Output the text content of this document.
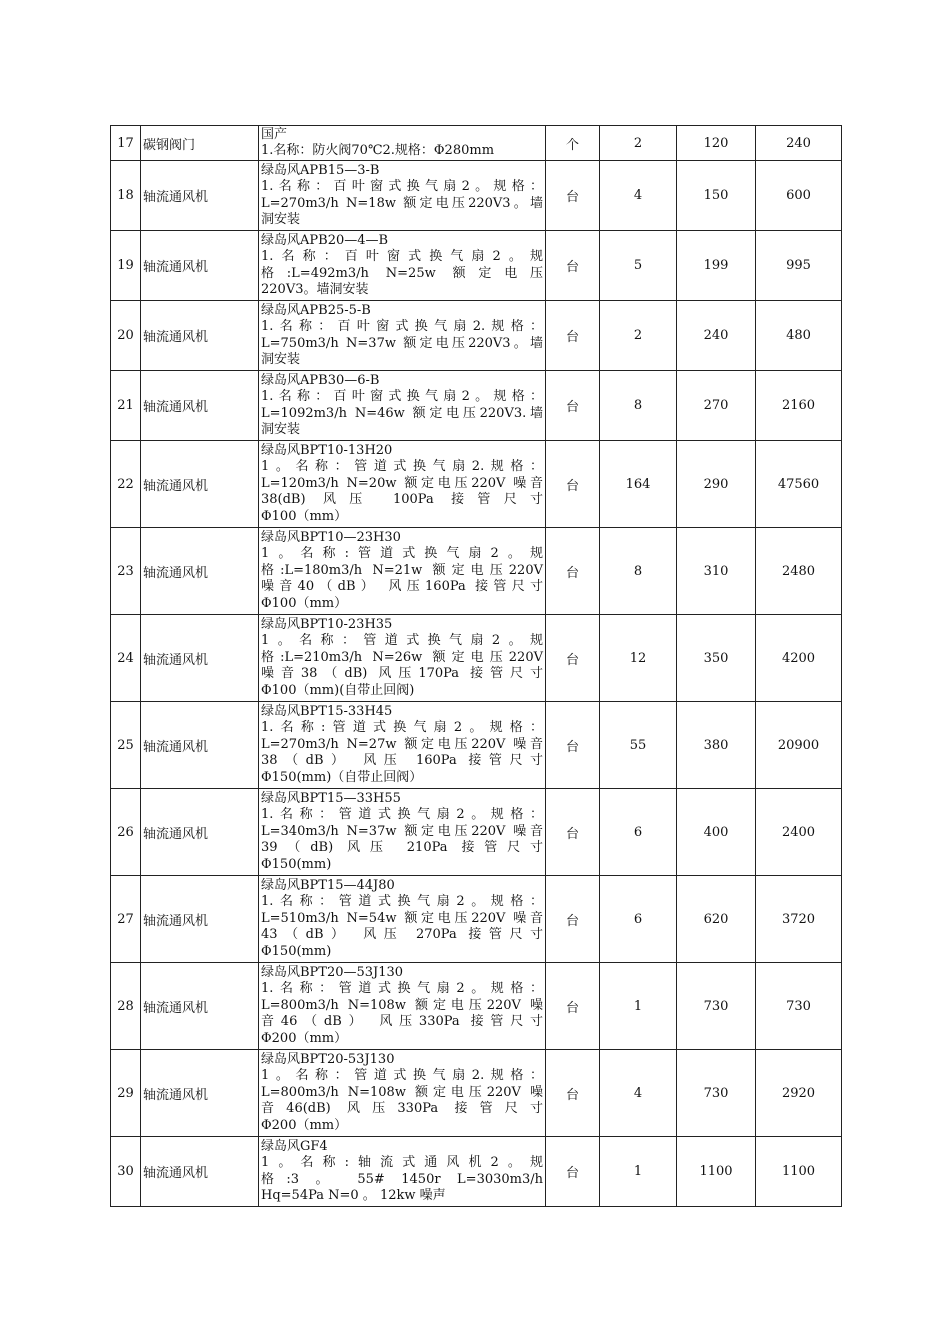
17	碳钢阀门	国产
1.名称：防火阀70℃2.规格：Φ280mm	个	2	120	240
18	轴流通风机	绿岛风APB15—3-B
1.名称：百叶窗式换气扇2。规格：
L=270m3/h N=18w 额定电压220V3。墙
洞安装	台	4	150	600
19	轴流通风机	绿岛风APB20—4—B
1.名称：百叶窗式换气扇2。规
格:L=492m3/h N=25w 额定电压
220V3。墙洞安装	台	5	199	995
20	轴流通风机	绿岛风APB25-5-B
1.名称：百叶窗式换气扇2.规格：
L=750m3/h N=37w 额定电压220V3。墙
洞安装	台	2	240	480
21	轴流通风机	绿岛风APB30—6-B
1.名称：百叶窗式换气扇2。规格：
L=1092m3/h N=46w 额定电压220V3.墙
洞安装	台	8	270	2160
22	轴流通风机	绿岛风BPT10-13H20
1。名称：管道式换气扇2.规格：
L=120m3/h N=20w 额定电压220V 噪音
38(dB) 风压 100Pa 接管尺寸
Φ100（mm）	台	164	290	47560
23	轴流通风机	绿岛风BPT10—23H30
1。名称:管道式换气扇2。规
格:L=180m3/h N=21w 额定电压220V
噪音40（dB） 风压160Pa 接管尺寸
Φ100（mm）	台	8	310	2480
24	轴流通风机	绿岛风BPT10-23H35
1。名称：管道式换气扇2。规
格:L=210m3/h N=26w 额定电压220V
噪音38（dB) 风压170Pa 接管尺寸
Φ100（mm)(自带止回阀)	台	12	350	4200
25	轴流通风机	绿岛风BPT15-33H45
1.名称:管道式换气扇2。规格：
L=270m3/h N=27w 额定电压220V 噪音
38（dB） 风压 160Pa 接管尺寸
Φ150(mm)（自带止回阀）	台	55	380	20900
26	轴流通风机	绿岛风BPT15—33H55
1.名称：管道式换气扇2。规格：
L=340m3/h N=37w 额定电压220V 噪音
39（dB) 风压 210Pa 接管尺寸
Φ150(mm)	台	6	400	2400
27	轴流通风机	绿岛风BPT15—44J80
1.名称：管道式换气扇2。规格：
L=510m3/h N=54w 额定电压220V 噪音
43（dB） 风压 270Pa 接管尺寸
Φ150(mm)	台	6	620	3720
28	轴流通风机	绿岛风BPT20—53J130
1.名称：管道式换气扇2。规格：
L=800m3/h N=108w 额定电压220V 噪
音46（dB） 风压330Pa 接管尺寸
Φ200（mm）	台	1	730	730
29	轴流通风机	绿岛风BPT20-53J130
1。名称：管道式换气扇2.规格：
L=800m3/h N=108w 额定电压220V 噪
音46(dB) 风压330Pa 接管尺寸
Φ200（mm）	台	4	730	2920
30	轴流通风机	绿岛风GF4
1。名称:轴流式通风机2。规
格:3 。 55# 1450r L=3030m3/h
Hq=54Pa N=0 。 12kw 噪声	台	1	1100	1100
